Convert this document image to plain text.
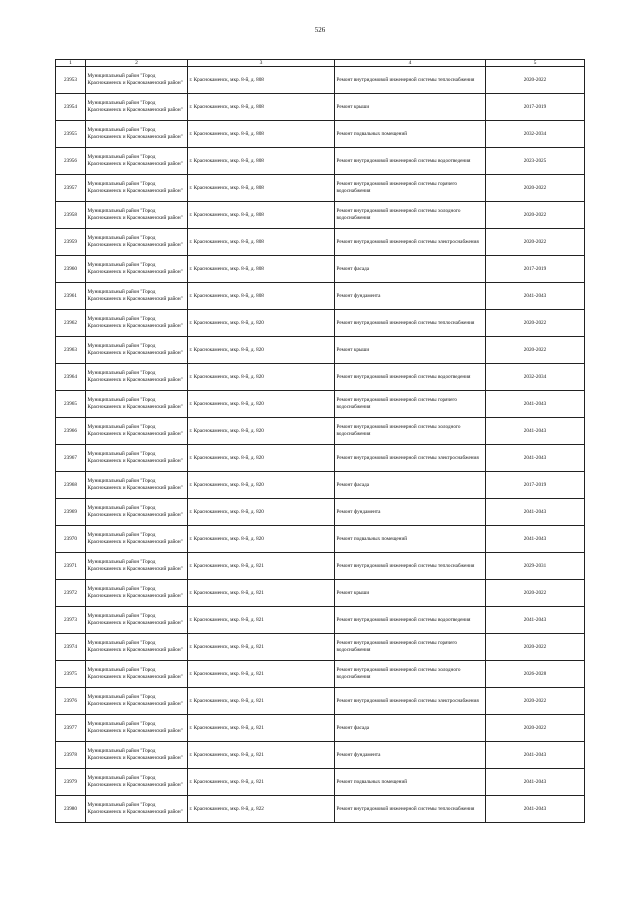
526
1	2	3	4	5
23953	Муниципальный район "Город Краснокаменск и Краснокаменский район"	г. Краснокаменск, мкр. 8-й, д. 808	Ремонт внутридомовой инженерной системы теплоснабжения	2020-2022
23954	Муниципальный район "Город Краснокаменск и Краснокаменский район"	г. Краснокаменск, мкр. 8-й, д. 808	Ремонт крыши	2017-2019
23955	Муниципальный район "Город Краснокаменск и Краснокаменский район"	г. Краснокаменск, мкр. 8-й, д. 808	Ремонт подвальных помещений	2032-2034
23956	Муниципальный район "Город Краснокаменск и Краснокаменский район"	г. Краснокаменск, мкр. 8-й, д. 808	Ремонт внутридомовой инженерной системы водоотведения	2023-2025
23957	Муниципальный район "Город Краснокаменск и Краснокаменский район"	г. Краснокаменск, мкр. 8-й, д. 808	Ремонт внутридомовой инженерной системы горячего водоснабжения	2020-2022
23958	Муниципальный район "Город Краснокаменск и Краснокаменский район"	г. Краснокаменск, мкр. 8-й, д. 808	Ремонт внутридомовой инженерной системы холодного водоснабжения	2020-2022
23959	Муниципальный район "Город Краснокаменск и Краснокаменский район"	г. Краснокаменск, мкр. 8-й, д. 808	Ремонт внутридомовой инженерной системы электроснабжения	2020-2022
23960	Муниципальный район "Город Краснокаменск и Краснокаменский район"	г. Краснокаменск, мкр. 8-й, д. 808	Ремонт фасада	2017-2019
23961	Муниципальный район "Город Краснокаменск и Краснокаменский район"	г. Краснокаменск, мкр. 8-й, д. 808	Ремонт фундамента	2041-2043
23962	Муниципальный район "Город Краснокаменск и Краснокаменский район"	г. Краснокаменск, мкр. 8-й, д. 820	Ремонт внутридомовой инженерной системы теплоснабжения	2020-2022
23963	Муниципальный район "Город Краснокаменск и Краснокаменский район"	г. Краснокаменск, мкр. 8-й, д. 820	Ремонт крыши	2020-2022
23964	Муниципальный район "Город Краснокаменск и Краснокаменский район"	г. Краснокаменск, мкр. 8-й, д. 820	Ремонт внутридомовой инженерной системы водоотведения	2032-2034
23965	Муниципальный район "Город Краснокаменск и Краснокаменский район"	г. Краснокаменск, мкр. 8-й, д. 820	Ремонт внутридомовой инженерной системы горячего водоснабжения	2041-2043
23966	Муниципальный район "Город Краснокаменск и Краснокаменский район"	г. Краснокаменск, мкр. 8-й, д. 820	Ремонт внутридомовой инженерной системы холодного водоснабжения	2041-2043
23967	Муниципальный район "Город Краснокаменск и Краснокаменский район"	г. Краснокаменск, мкр. 8-й, д. 820	Ремонт внутридомовой инженерной системы электроснабжения	2041-2043
23968	Муниципальный район "Город Краснокаменск и Краснокаменский район"	г. Краснокаменск, мкр. 8-й, д. 820	Ремонт фасада	2017-2019
23969	Муниципальный район "Город Краснокаменск и Краснокаменский район"	г. Краснокаменск, мкр. 8-й, д. 820	Ремонт фундамента	2041-2043
23970	Муниципальный район "Город Краснокаменск и Краснокаменский район"	г. Краснокаменск, мкр. 8-й, д. 820	Ремонт подвальных помещений	2041-2043
23971	Муниципальный район "Город Краснокаменск и Краснокаменский район"	г. Краснокаменск, мкр. 8-й, д. 821	Ремонт внутридомовой инженерной системы теплоснабжения	2029-2031
23972	Муниципальный район "Город Краснокаменск и Краснокаменский район"	г. Краснокаменск, мкр. 8-й, д. 821	Ремонт крыши	2020-2022
23973	Муниципальный район "Город Краснокаменск и Краснокаменский район"	г. Краснокаменск, мкр. 8-й, д. 821	Ремонт внутридомовой инженерной системы водоотведения	2041-2043
23974	Муниципальный район "Город Краснокаменск и Краснокаменский район"	г. Краснокаменск, мкр. 8-й, д. 821	Ремонт внутридомовой инженерной системы горячего водоснабжения	2020-2022
23975	Муниципальный район "Город Краснокаменск и Краснокаменский район"	г. Краснокаменск, мкр. 8-й, д. 821	Ремонт внутридомовой инженерной системы холодного водоснабжения	2026-2028
23976	Муниципальный район "Город Краснокаменск и Краснокаменский район"	г. Краснокаменск, мкр. 8-й, д. 821	Ремонт внутридомовой инженерной системы электроснабжения	2020-2022
23977	Муниципальный район "Город Краснокаменск и Краснокаменский район"	г. Краснокаменск, мкр. 8-й, д. 821	Ремонт фасада	2020-2022
23978	Муниципальный район "Город Краснокаменск и Краснокаменский район"	г. Краснокаменск, мкр. 8-й, д. 821	Ремонт фундамента	2041-2043
23979	Муниципальный район "Город Краснокаменск и Краснокаменский район"	г. Краснокаменск, мкр. 8-й, д. 821	Ремонт подвальных помещений	2041-2043
23980	Муниципальный район "Город Краснокаменск и Краснокаменский район"	г. Краснокаменск, мкр. 8-й, д. 822	Ремонт внутридомовой инженерной системы теплоснабжения	2041-2043
